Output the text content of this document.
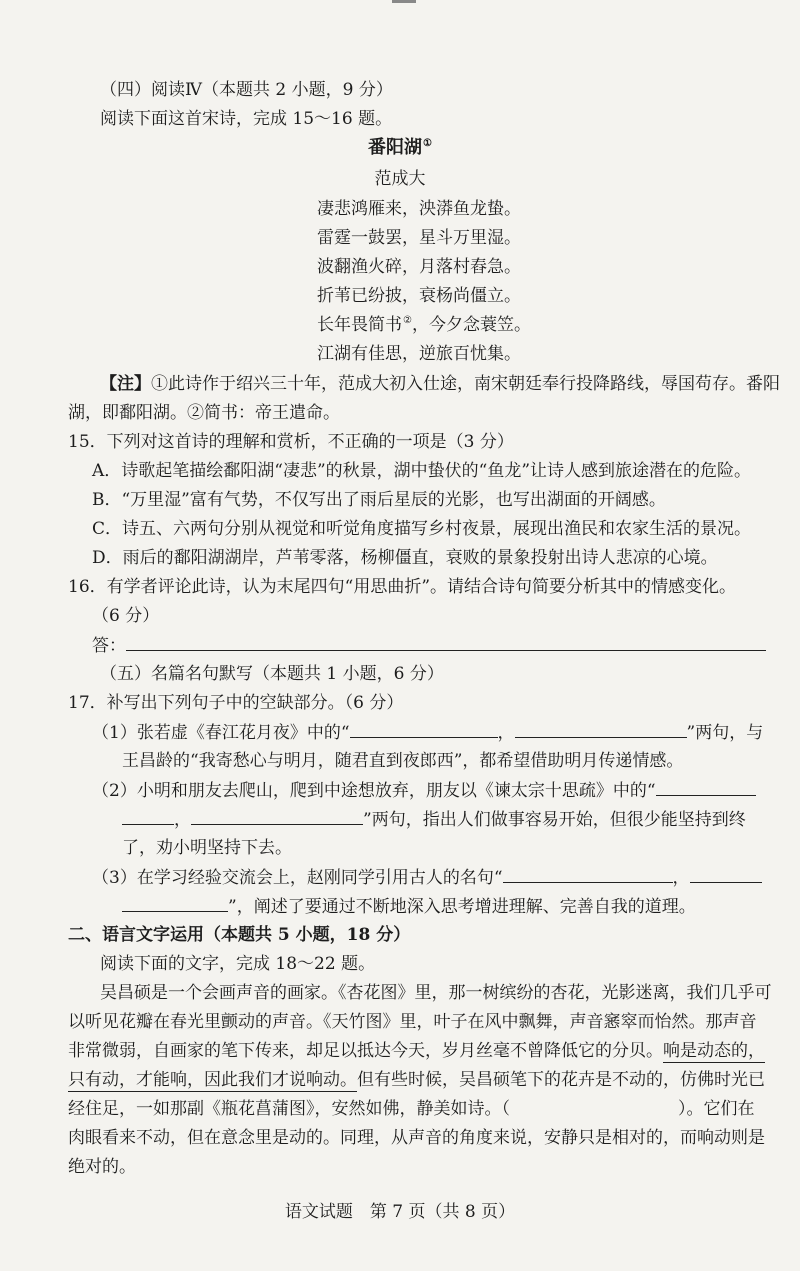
（四）阅读Ⅳ（本题共 2 小题，9 分）
阅读下面这首宋诗，完成 15～16 题。
番阳湖①
范成大
凄悲鸿雁来，泱漭鱼龙蛰。
雷霆一鼓罢，星斗万里湿。
波翻渔火碎，月落村舂急。
折苇已纷披，衰杨尚僵立。
长年畏简书②，今夕念蓑笠。
江湖有佳思，逆旅百忧集。
【注】①此诗作于绍兴三十年，范成大初入仕途，南宋朝廷奉行投降路线，辱国苟存。番阳
湖，即鄱阳湖。②简书：帝王遣命。
15．下列对这首诗的理解和赏析，不正确的一项是（3 分）
A．诗歌起笔描绘鄱阳湖“凄悲”的秋景，湖中蛰伏的“鱼龙”让诗人感到旅途潜在的危险。
B．“万里湿”富有气势，不仅写出了雨后星辰的光影，也写出湖面的开阔感。
C．诗五、六两句分别从视觉和听觉角度描写乡村夜景，展现出渔民和农家生活的景况。
D．雨后的鄱阳湖湖岸，芦苇零落，杨柳僵直，衰败的景象投射出诗人悲凉的心境。
16．有学者评论此诗，认为末尾四句“用思曲折”。请结合诗句简要分析其中的情感变化。
（6 分）
答：
（五）名篇名句默写（本题共 1 小题，6 分）
17．补写出下列句子中的空缺部分。（6 分）
（1）张若虚《春江花月夜》中的“	，	”两句，与
王昌龄的“我寄愁心与明月，随君直到夜郎西”，都希望借助明月传递情感。
（2）小明和朋友去爬山，爬到中途想放弃，朋友以《谏太宗十思疏》中的“
，	”两句，指出人们做事容易开始，但很少能坚持到终
了，劝小明坚持下去。
（3）在学习经验交流会上，赵刚同学引用古人的名句“	，
”，阐述了要通过不断地深入思考增进理解、完善自我的道理。
二、语言文字运用（本题共 5 小题，18 分）
阅读下面的文字，完成 18～22 题。
吴昌硕是一个会画声音的画家。《杏花图》里，那一树缤纷的杏花，光影迷离，我们几乎可
以听见花瓣在春光里颤动的声音。《天竹图》里，叶子在风中飘舞，声音窸窣而怡然。那声音
非常微弱，自画家的笔下传来，却足以抵达今天，岁月丝毫不曾降低它的分贝。响是动态的，
只有动，才能响，因此我们才说响动。但有些时候，吴昌硕笔下的花卉是不动的，仿佛时光已
经住足，一如那副《瓶花菖蒲图》，安然如佛，静美如诗。（	）。它们在
肉眼看来不动，但在意念里是动的。同理，从声音的角度来说，安静只是相对的，而响动则是
绝对的。
语文试题　第 7 页（共 8 页）
